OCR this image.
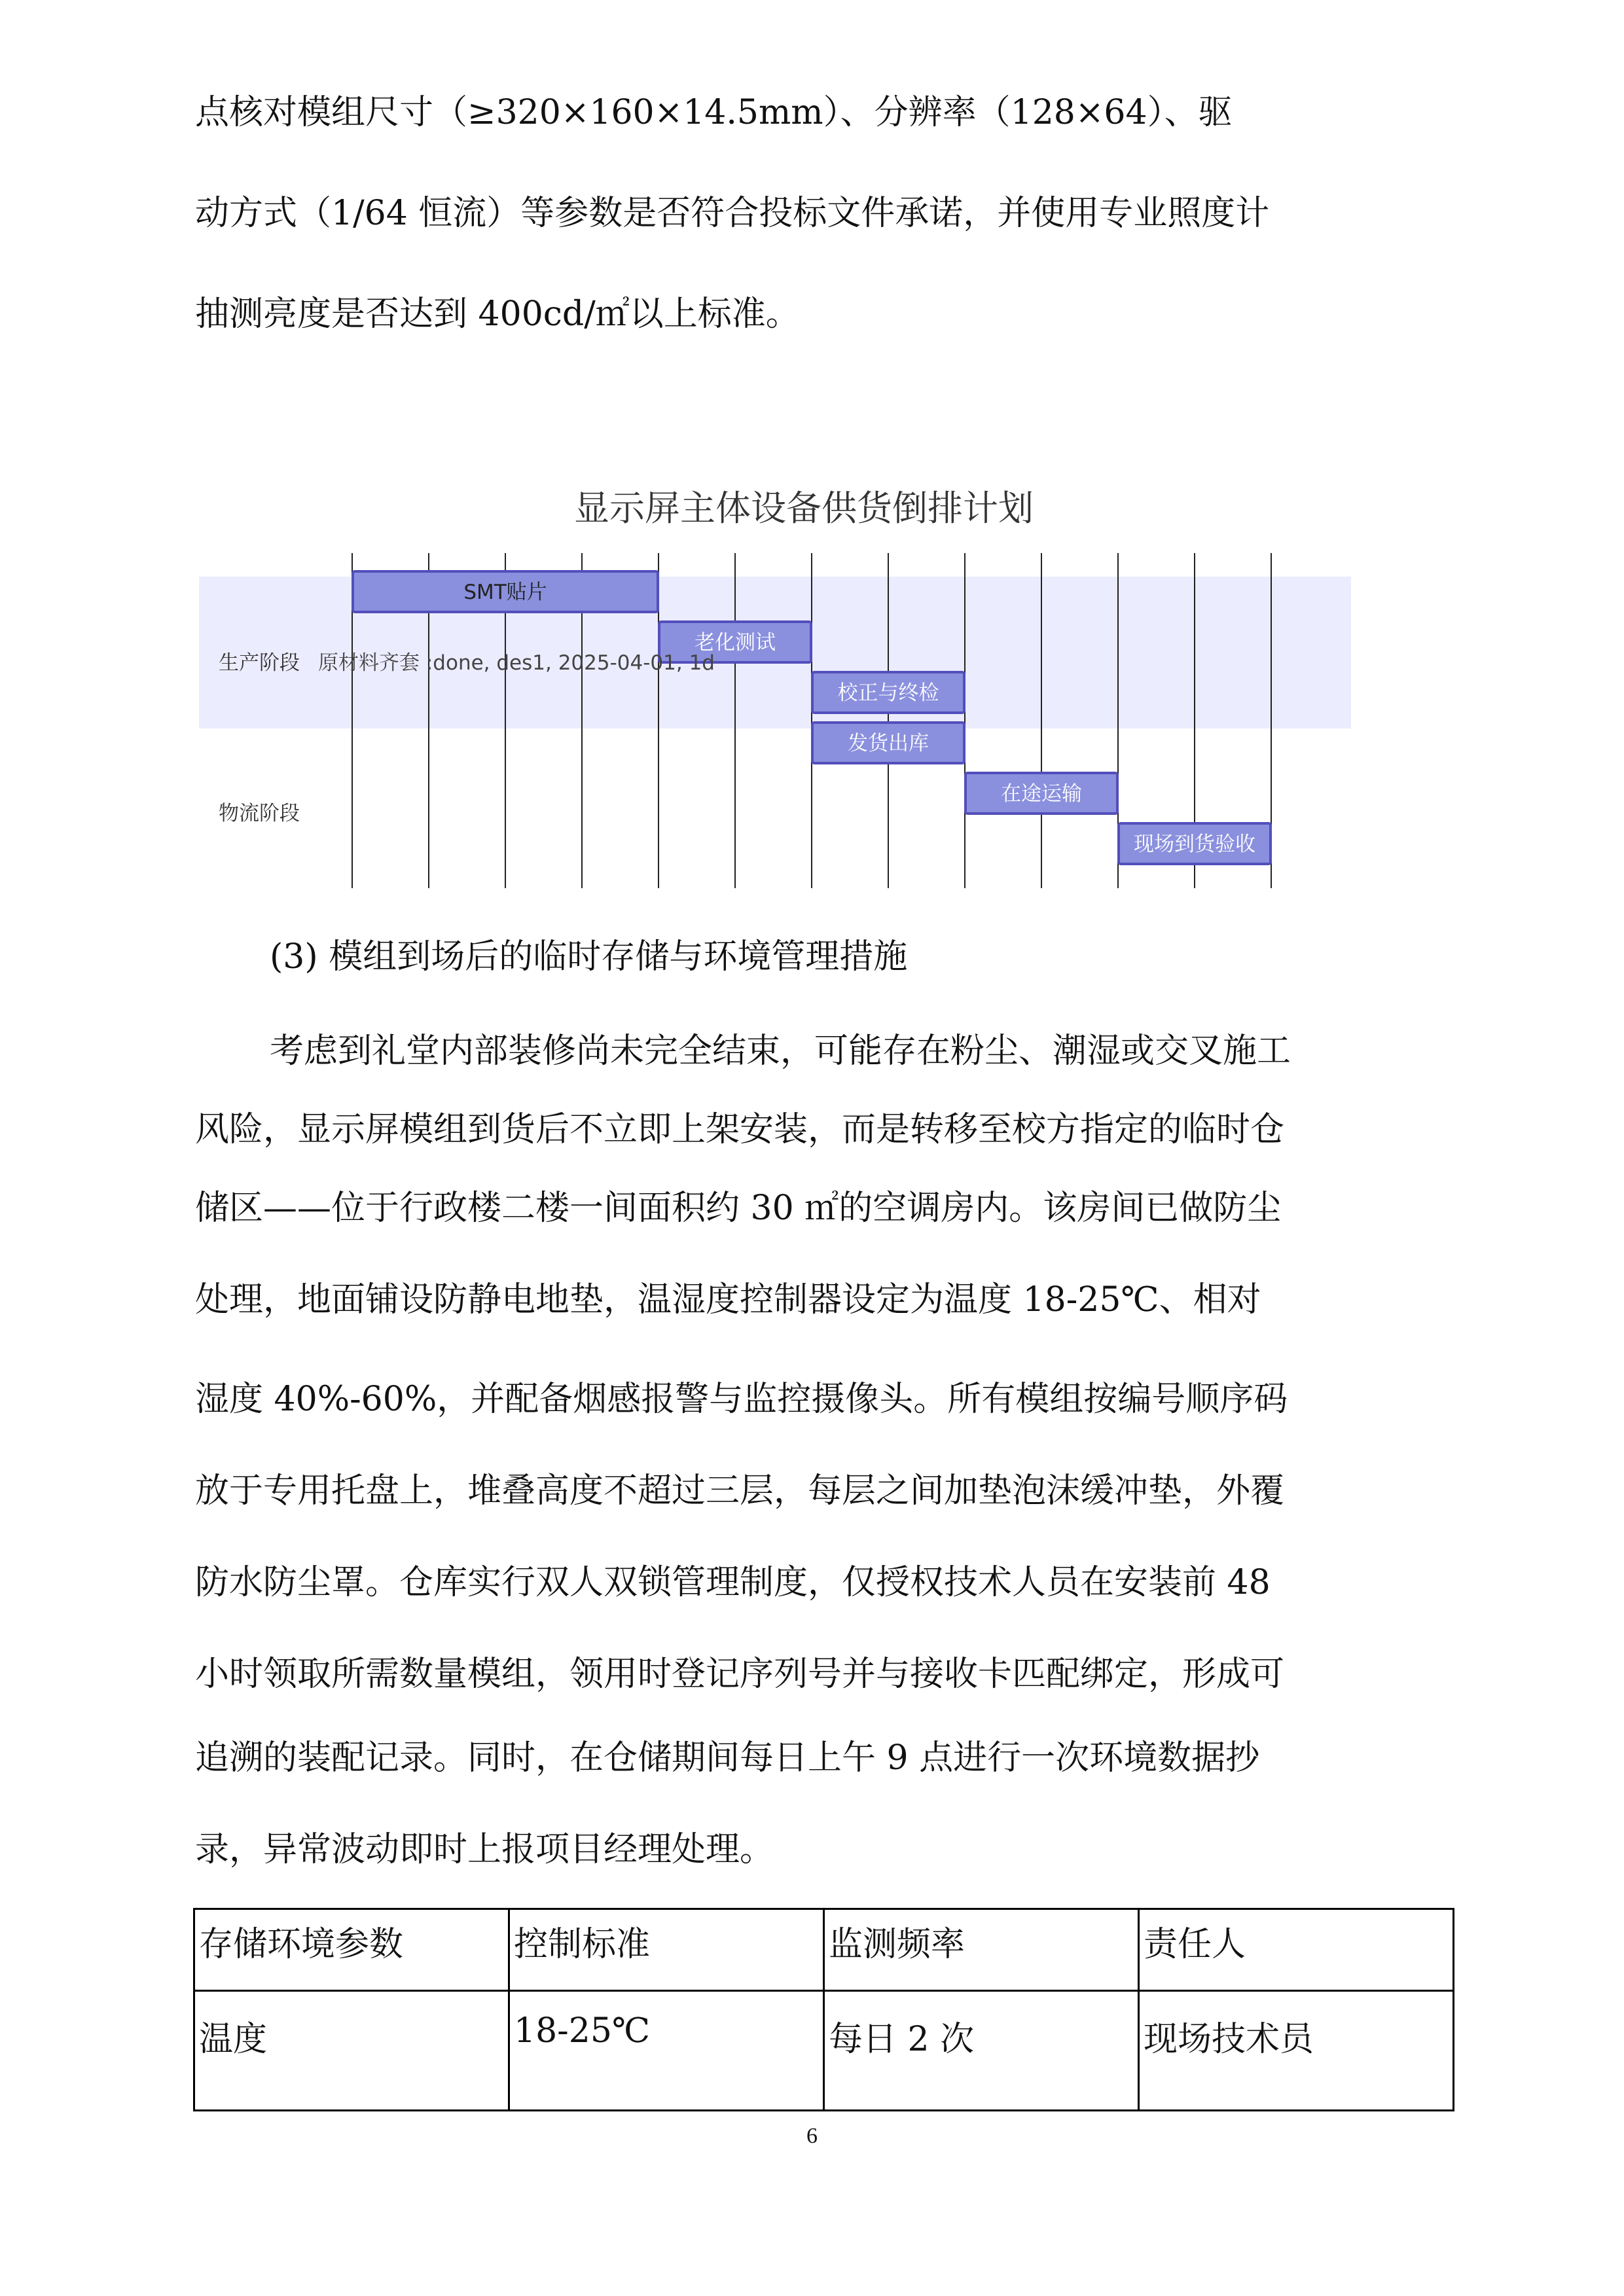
点核对模组尺寸（≥320×160×14.5mm）、分辨率（128×64）、驱
动方式（1/64 恒流）等参数是否符合投标文件承诺，并使用专业照度计
抽测亮度是否达到 400cd/㎡以上标准。
显示屏主体设备供货倒排计划
SMT贴片
老化测试
校正与终检
发货出库
在途运输
现场到货验收
生产阶段 原材料齐套 :done, des1, 2025-04-01, 1d
物流阶段
(3) 模组到场后的临时存储与环境管理措施
考虑到礼堂内部装修尚未完全结束，可能存在粉尘、潮湿或交叉施工
风险，显示屏模组到货后不立即上架安装，而是转移至校方指定的临时仓
储区——位于行政楼二楼一间面积约 30 ㎡的空调房内。该房间已做防尘
处理，地面铺设防静电地垫，温湿度控制器设定为温度 18-25℃、相对
湿度 40%-60%，并配备烟感报警与监控摄像头。所有模组按编号顺序码
放于专用托盘上，堆叠高度不超过三层，每层之间加垫泡沫缓冲垫，外覆
防水防尘罩。仓库实行双人双锁管理制度，仅授权技术人员在安装前 48
小时领取所需数量模组，领用时登记序列号并与接收卡匹配绑定，形成可
追溯的装配记录。同时，在仓储期间每日上午 9 点进行一次环境数据抄
录，异常波动即时上报项目经理处理。
存储环境参数	控制标准	监测频率	责任人
温度	18-25℃	每日 2 次	现场技术员
6
